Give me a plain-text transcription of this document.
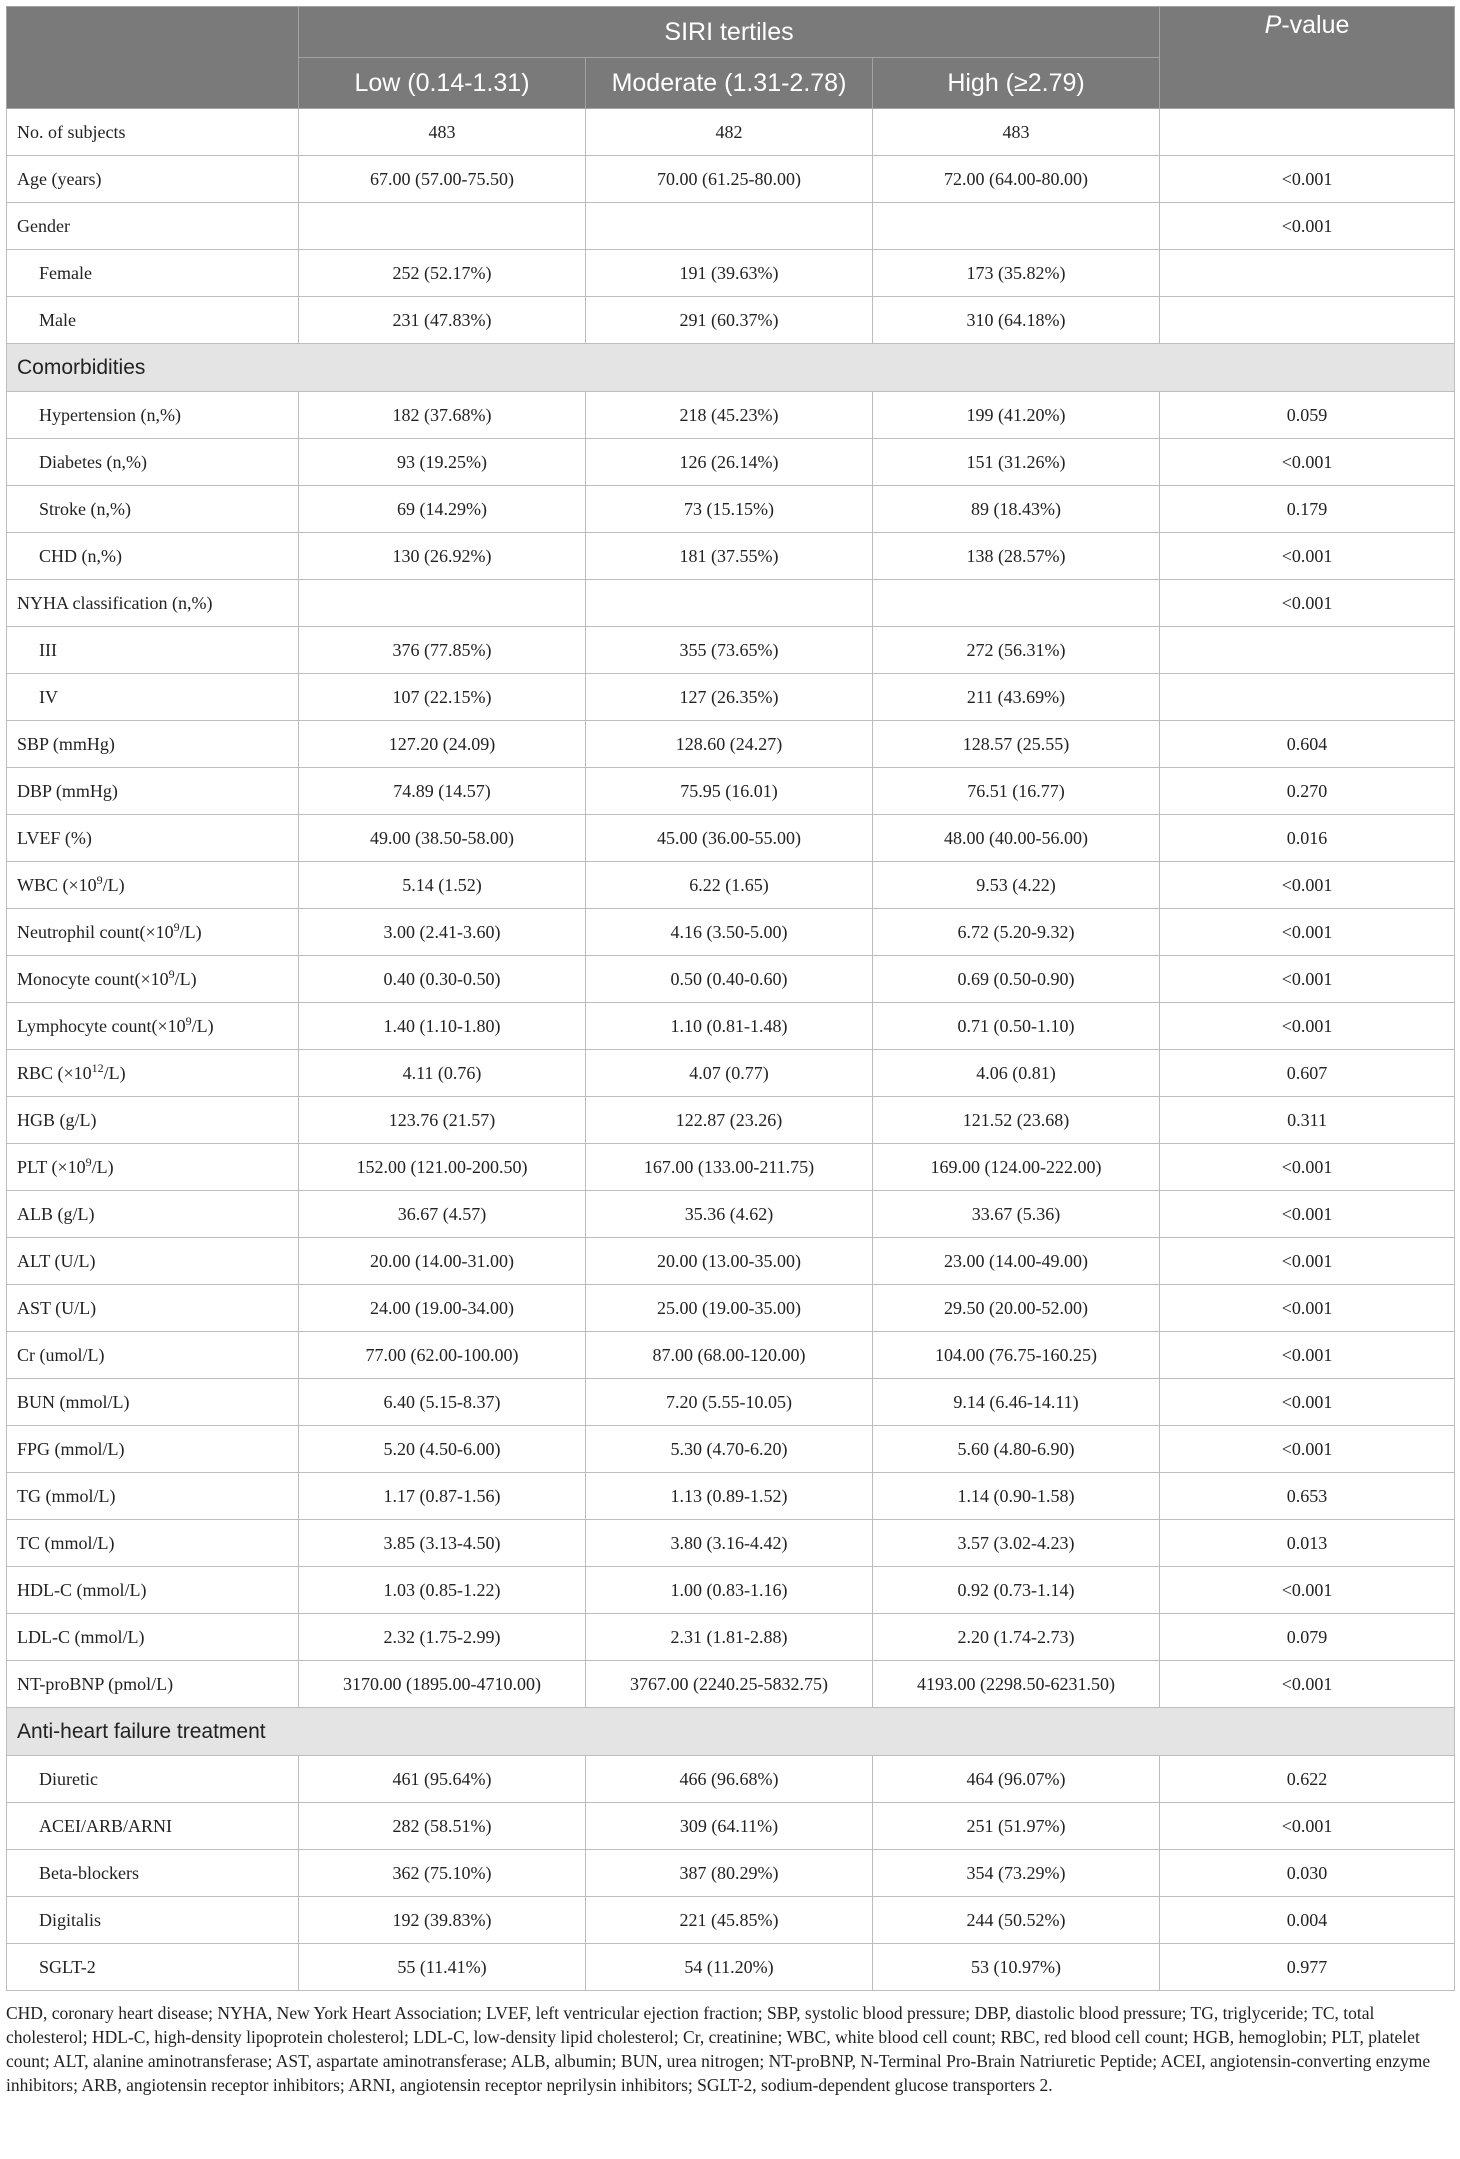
	SIRI tertiles			P-value
	Low (0.14-1.31)	Moderate (1.31-2.78)	High (≥2.79)	
No. of subjects	483	482	483	
Age (years)	67.00 (57.00-75.50)	70.00 (61.25-80.00)	72.00 (64.00-80.00)	<0.001
Gender				<0.001
Female	252 (52.17%)	191 (39.63%)	173 (35.82%)	
Male	231 (47.83%)	291 (60.37%)	310 (64.18%)	
Comorbidities				
Hypertension (n,%)	182 (37.68%)	218 (45.23%)	199 (41.20%)	0.059
Diabetes (n,%)	93 (19.25%)	126 (26.14%)	151 (31.26%)	<0.001
Stroke (n,%)	69 (14.29%)	73 (15.15%)	89 (18.43%)	0.179
CHD (n,%)	130 (26.92%)	181 (37.55%)	138 (28.57%)	<0.001
NYHA classification (n,%)				<0.001
III	376 (77.85%)	355 (73.65%)	272 (56.31%)	
IV	107 (22.15%)	127 (26.35%)	211 (43.69%)	
SBP (mmHg)	127.20 (24.09)	128.60 (24.27)	128.57 (25.55)	0.604
DBP (mmHg)	74.89 (14.57)	75.95 (16.01)	76.51 (16.77)	0.270
LVEF (%)	49.00 (38.50-58.00)	45.00 (36.00-55.00)	48.00 (40.00-56.00)	0.016
WBC $(\times 10^9/L)$	5.14 (1.52)	6.22 (1.65)	9.53 (4.22)	<0.001
Neutrophil $count(\times 10^9/L)$	3.00 (2.41-3.60)	4.16 (3.50-5.00)	6.72 (5.20-9.32)	<0.001
Monocyte $count(\times 10^9/L)$	0.40 (0.30-0.50)	0.50 (0.40-0.60)	0.69 (0.50-0.90)	<0.001
Lymphocyte $count(\times 10^9/L)$	1.40 (1.10-1.80)	1.10 (0.81-1.48)	0.71 (0.50-1.10)	<0.001
RBC $(\times 10^{12}/L)$	4.11 (0.76)	4.07 (0.77)	4.06 (0.81)	0.607
HGB (g/L)	123.76 (21.57)	122.87 (23.26)	121.52 (23.68)	0.311
PLT $(\times 10^9/L)$	152.00 (121.00-200.50)	167.00 (133.00-211.75)	169.00 (124.00-222.00)	<0.001
ALB (g/L)	36.67 (4.57)	35.36 (4.62)	33.67 (5.36)	<0.001
ALT (U/L)	20.00 (14.00-31.00)	20.00 (13.00-35.00)	23.00 (14.00-49.00)	<0.001
AST (U/L)	24.00 (19.00-34.00)	25.00 (19.00-35.00)	29.50 (20.00-52.00)	<0.001
Cr (umol/L)	77.00 (62.00-100.00)	87.00 (68.00-120.00)	104.00 (76.75-160.25)	<0.001
BUN (mmol/L)	6.40 (5.15-8.37)	7.20 (5.55-10.05)	9.14 (6.46-14.11)	<0.001
FPG (mmol/L)	5.20 (4.50-6.00)	5.30 (4.70-6.20)	5.60 (4.80-6.90)	<0.001
TG (mmol/L)	1.17 (0.87-1.56)	1.13 (0.89-1.52)	1.14 (0.90-1.58)	0.653
TC (mmol/L)	3.85 (3.13-4.50)	3.80 (3.16-4.42)	3.57 (3.02-4.23)	0.013
HDL-C (mmol/L)	1.03 (0.85-1.22)	1.00 (0.83-1.16)	0.92 (0.73-1.14)	<0.001
LDL-C (mmol/L)	2.32 (1.75-2.99)	2.31 (1.81-2.88)	2.20 (1.74-2.73)	0.079
NT-proBNP (pmol/L)	3170.00 (1895.00-4710.00)	3767.00 (2240.25-5832.75)	4193.00 (2298.50-6231.50)	<0.001
Anti-heart failure treatment				
Diuretic	461 (95.64%)	466 (96.68%)	464 (96.07%)	0.622
ACEI/ARB/ARNI	282 (58.51%)	309 (64.11%)	251 (51.97%)	<0.001
Beta-blockers	362 (75.10%)	387 (80.29%)	354 (73.29%)	0.030
Digitalis	192 (39.83%)	221 (45.85%)	244 (50.52%)	0.004
SGLT-2	55 (11.41%)	54 (11.20%)	53 (10.97%)	0.977
CHD, coronary heart disease; NYHA, New York Heart Association; LVEF, left ventricular ejection fraction; SBP, systolic blood pressure; DBP, diastolic blood pressure; TG, triglyceride; TC, total cholesterol; HDL-C, high-density lipoprotein cholesterol; LDL-C, low-density lipid cholesterol; Cr, creatinine; WBC, white blood cell count; RBC, red blood cell count; HGB, hemoglobin; PLT, platelet count; ALT, alanine aminotransferase; AST, aspartate aminotransferase; ALB, albumin; BUN, urea nitrogen; NT-proBNP, N-Terminal Pro-Brain Natriuretic Peptide; ACEI, angiotensin-converting enzyme inhibitors; ARB, angiotensin receptor inhibitors; ARNI, angiotensin receptor neprilysin inhibitors; SGLT-2, sodium-dependent glucose transporters 2.
